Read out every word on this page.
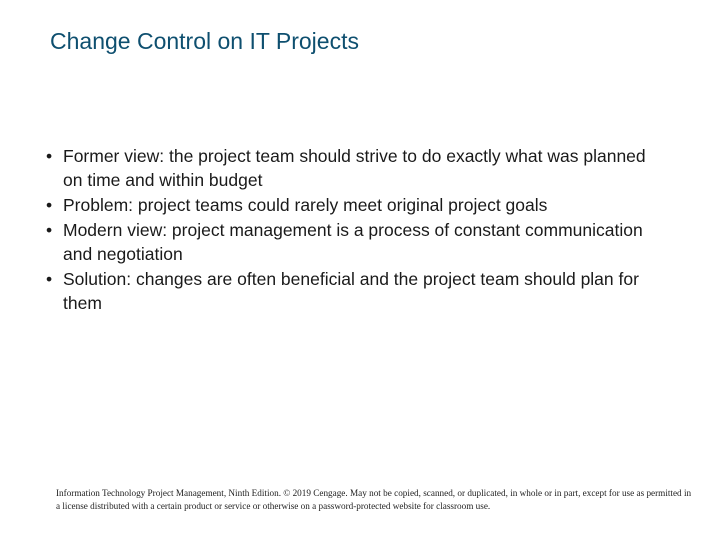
Change Control on IT Projects
• Former view: the project team should strive to do exactly what was planned on time and within budget
• Problem: project teams could rarely meet original project goals
• Modern view: project management is a process of constant communication and negotiation
• Solution: changes are often beneficial and the project team should plan for them

Information Technology Project Management, Ninth Edition. © 2019 Cengage. May not be copied, scanned, or duplicated, in whole or in part, except for use as permitted in a license distributed with a certain product or service or otherwise on a password-protected website for classroom use.
